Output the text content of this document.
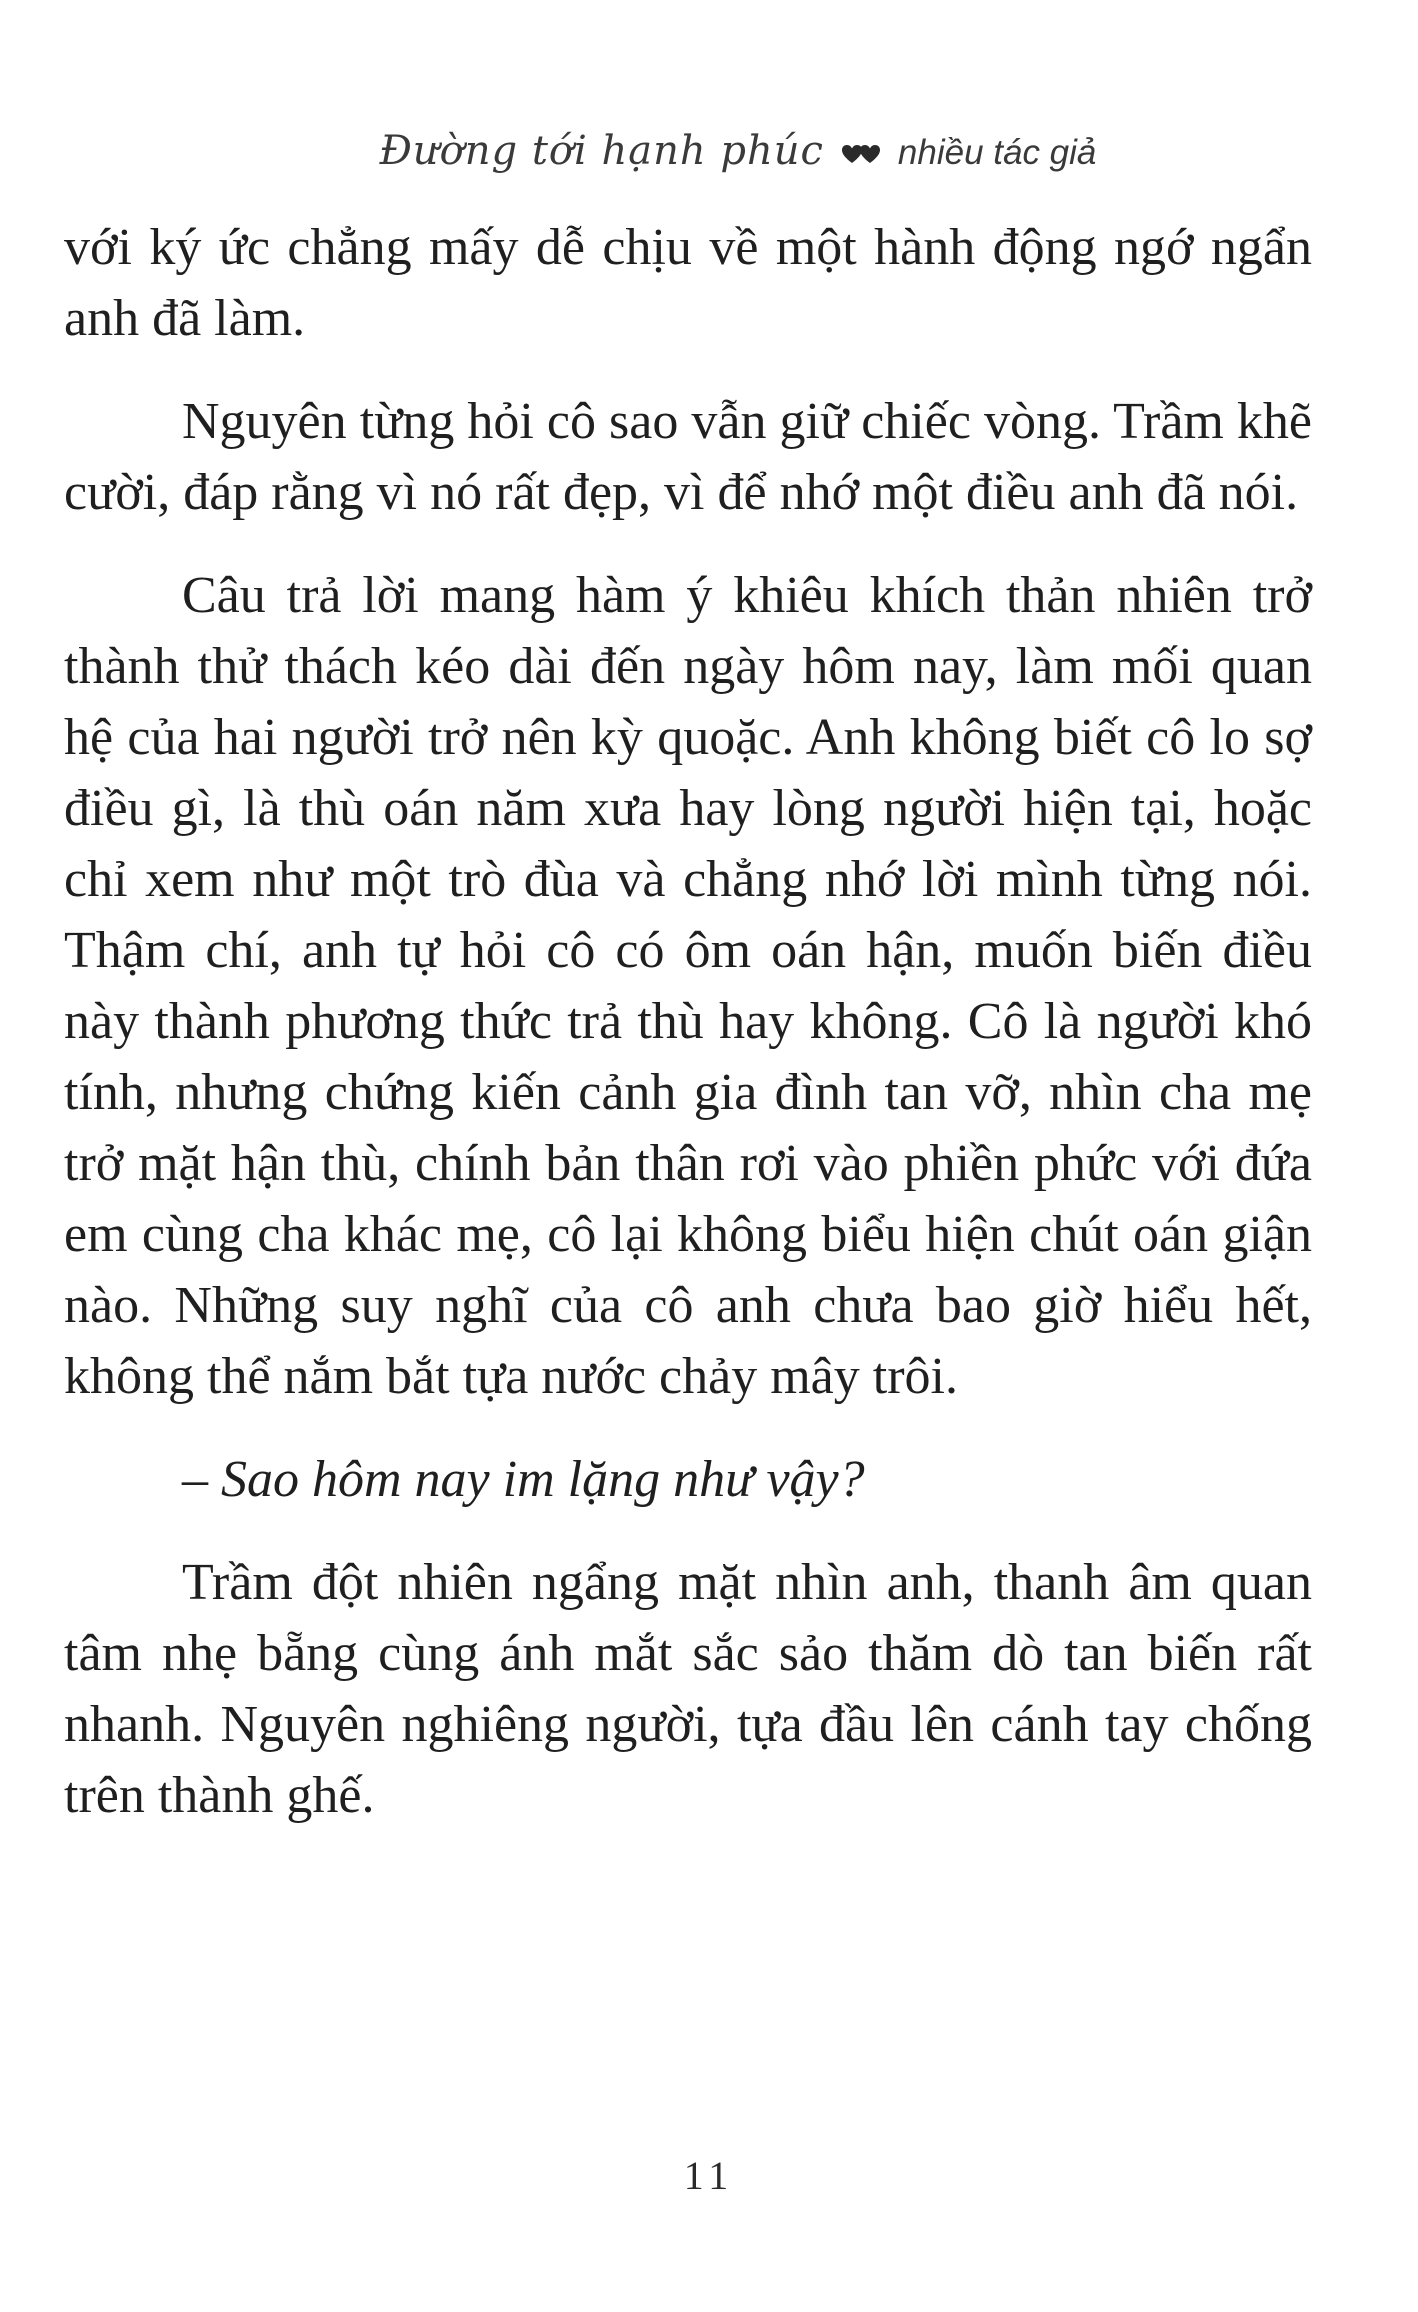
Đường tới hạnh phúc nhiều tác giả

với ký ức chẳng mấy dễ chịu về một hành động ngớ ngẩn anh đã làm.

Nguyên từng hỏi cô sao vẫn giữ chiếc vòng. Trầm khẽ cười, đáp rằng vì nó rất đẹp, vì để nhớ một điều anh đã nói.

Câu trả lời mang hàm ý khiêu khích thản nhiên trở thành thử thách kéo dài đến ngày hôm nay, làm mối quan hệ của hai người trở nên kỳ quoặc. Anh không biết cô lo sợ điều gì, là thù oán năm xưa hay lòng người hiện tại, hoặc chỉ xem như một trò đùa và chẳng nhớ lời mình từng nói. Thậm chí, anh tự hỏi cô có ôm oán hận, muốn biến điều này thành phương thức trả thù hay không. Cô là người khó tính, nhưng chứng kiến cảnh gia đình tan vỡ, nhìn cha mẹ trở mặt hận thù, chính bản thân rơi vào phiền phức với đứa em cùng cha khác mẹ, cô lại không biểu hiện chút oán giận nào. Những suy nghĩ của cô anh chưa bao giờ hiểu hết, không thể nắm bắt tựa nước chảy mây trôi.

– Sao hôm nay im lặng như vậy?

Trầm đột nhiên ngẩng mặt nhìn anh, thanh âm quan tâm nhẹ bẵng cùng ánh mắt sắc sảo thăm dò tan biến rất nhanh. Nguyên nghiêng người, tựa đầu lên cánh tay chống trên thành ghế.

11
